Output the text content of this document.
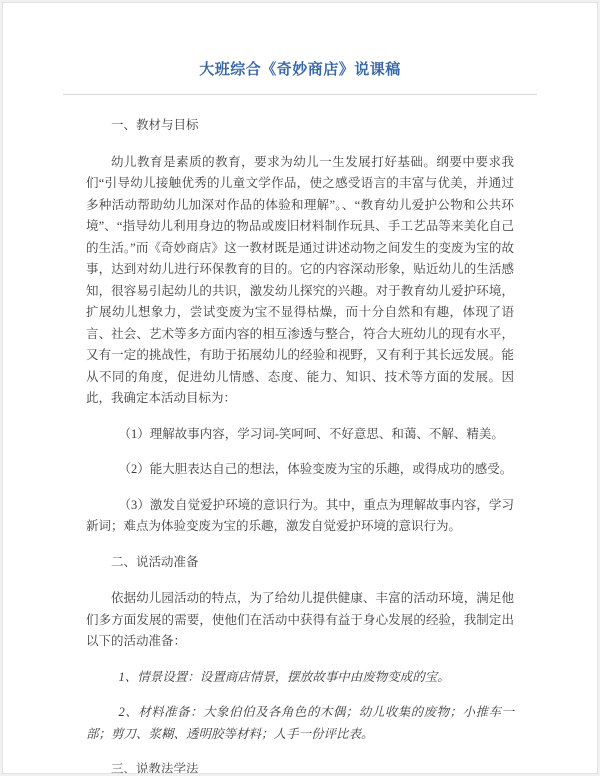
大班综合《奇妙商店》说课稿

一、教材与目标

幼儿教育是素质的教育，要求为幼儿一生发展打好基础。纲要中要求我们“引导幼儿接触优秀的儿童文学作品，使之感受语言的丰富与优美，并通过多种活动帮助幼儿加深对作品的体验和理解”。、“教育幼儿爱护公物和公共环境”、“指导幼儿利用身边的物品或废旧材料制作玩具、手工艺品等来美化自己的生活。”而《奇妙商店》这一教材既是通过讲述动物之间发生的变废为宝的故事，达到对幼儿进行环保教育的目的。它的内容深动形象，贴近幼儿的生活感知，很容易引起幼儿的共识，激发幼儿探究的兴趣。对于教育幼儿爱护环境，扩展幼儿想象力，尝试变废为宝不显得枯燥，而十分自然和有趣，体现了语言、社会、艺术等多方面内容的相互渗透与整合，符合大班幼儿的现有水平，又有一定的挑战性，有助于拓展幼儿的经验和视野，又有利于其长远发展。能从不同的角度，促进幼儿情感、态度、能力、知识、技术等方面的发展。因此，我确定本活动目标为：

（1）理解故事内容，学习词-笑呵呵、不好意思、和蔼、不解、精美。

（2）能大胆表达自己的想法，体验变废为宝的乐趣，或得成功的感受。

（3）激发自觉爱护环境的意识行为。其中，重点为理解故事内容，学习新词；难点为体验变废为宝的乐趣，激发自觉爱护环境的意识行为。

二、说活动准备

依据幼儿园活动的特点，为了给幼儿提供健康、丰富的活动环境，满足他们多方面发展的需要，使他们在活动中获得有益于身心发展的经验，我制定出以下的活动准备：

1、情景设置：设置商店情景，摆放故事中由废物变成的宝。

2、材料准备：大象伯伯及各角色的木偶；幼儿收集的废物；小推车一部；剪刀、浆糊、透明胶等材料；人手一份评比表。

三、说教法学法
